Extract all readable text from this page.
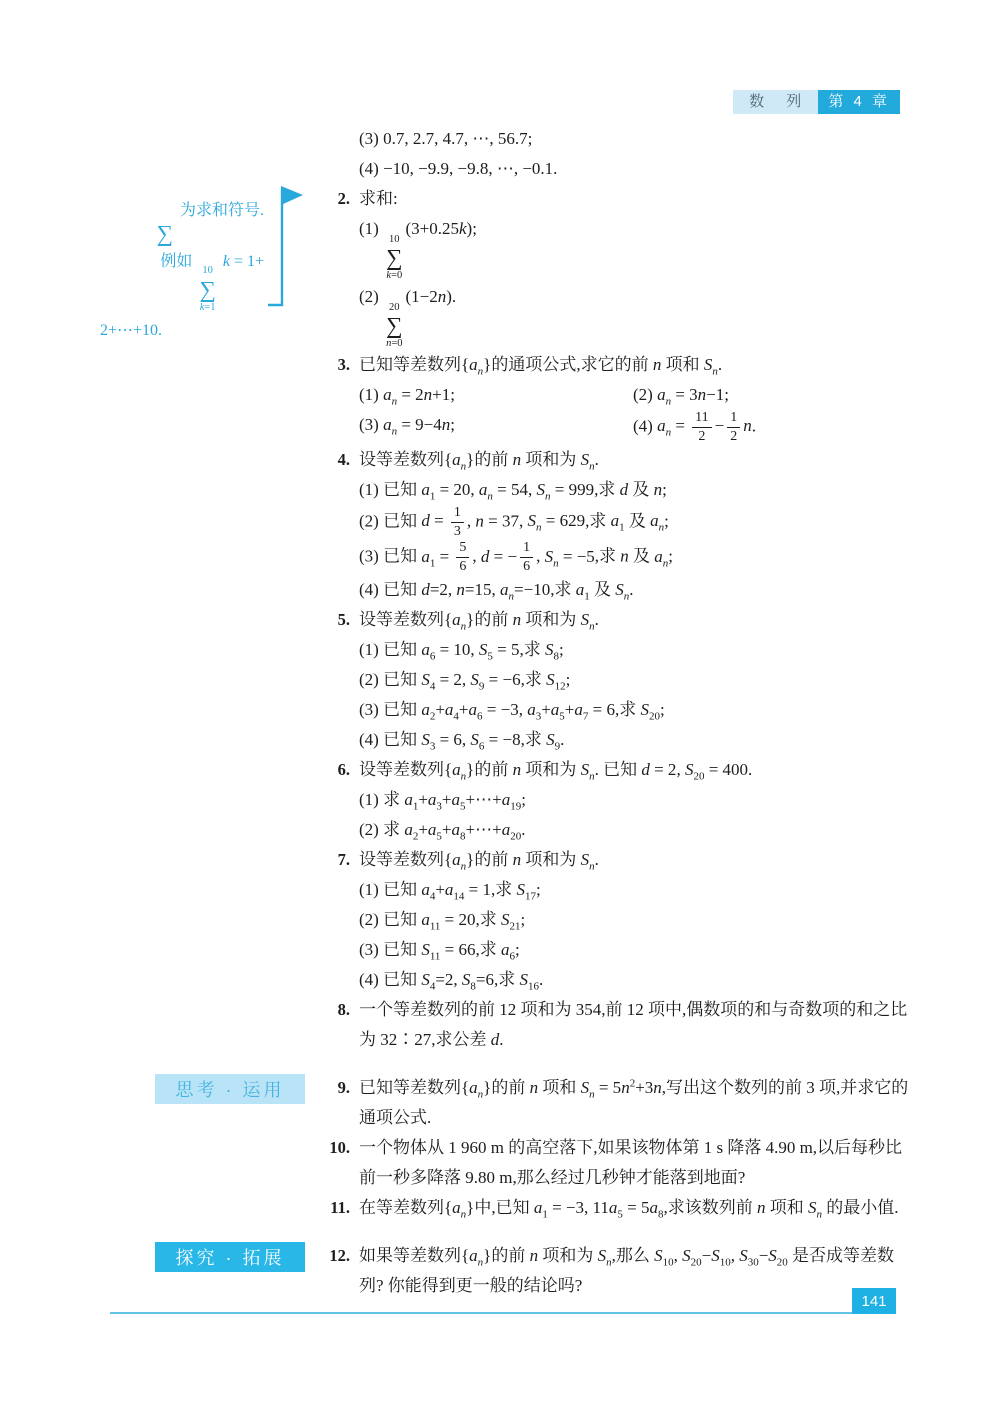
数 列	第 4 章
∑
为求和符号.
例如
10
∑
k=1
k = 1+
2+⋯+10.
(3) 0.7, 2.7, 4.7, ⋯, 56.7;
(4) −10, −9.9, −9.8, ⋯, −0.1.
2. 求和:
(1)
10
∑
k=0
(3+0.25k);
(2)
20
∑
n=0
(1−2n).
3. 已知等差数列$\{a_n\}$的通项公式,求它的前 n 项和 $S_n$.
(1) $a_n = 2n+1$;	(2) $a_n = 3n-1$;
(3) $a_n = 9-4n$;	(4) $a_n = \frac{11}{2} - \frac{1}{2} n$.
4. 设等差数列$\{a_n\}$的前 n 项和为 $S_n$.
(1) 已知 $a_1 = 20$, $a_n = 54$, $S_n = 999$,求 d 及 n;
(2) 已知 $d = \frac{1}{3}$ , n = 37, $S_n = 629$,求 $a_1$ 及 $a_n$;
(3) 已知 $a_1 = \frac{5}{6}$ , d = − $\frac{1}{6}$ , $S_n = -5$,求 n 及 $a_n$;
(4) 已知 d=2, n=15, $a_n=-10$,求 $a_1$ 及 $S_n$.
5. 设等差数列$\{a_n\}$的前 n 项和为 $S_n$.
(1) 已知 $a_6 = 10$, $S_5 = 5$,求 $S_8$;
(2) 已知 $S_4 = 2$, $S_9 = -6$,求 $S_{12}$;
(3) 已知 $a_2+a_4+a_6 = -3$, $a_3+a_5+a_7 = 6$,求 $S_{20}$;
(4) 已知 $S_3 = 6$, $S_6 = -8$,求 $S_9$.
6. 设等差数列$\{a_n\}$的前 n 项和为 $S_n$. 已知 d = 2, $S_{20} = 400$.
(1) 求 $a_1+a_3+a_5+\cdots+a_{19}$;
(2) 求 $a_2+a_5+a_8+\cdots+a_{20}$.
7. 设等差数列$\{a_n\}$的前 n 项和为 $S_n$.
(1) 已知 $a_4+a_{14} = 1$,求 $S_{17}$;
(2) 已知 $a_{11} = 20$,求 $S_{21}$;
(3) 已知 $S_{11} = 66$,求 $a_6$;
(4) 已知 $S_4=2$, $S_8=6$,求 $S_{16}$.
8. 一个等差数列的前 12 项和为 354,前 12 项中,偶数项的和与奇数项的和之比为 32∶27,求公差 d.
思考 · 运用	9. 已知等差数列$\{a_n\}$的前 n 项和 $S_n = 5n^2+3n$,写出这个数列的前 3 项,并求它的通项公式.
10. 一个物体从 1 960 m 的高空落下,如果该物体第 1 s 降落 4.90 m,以后每秒比前一秒多降落 9.80 m,那么经过几秒钟才能落到地面?
11. 在等差数列$\{a_n\}$中,已知 $a_1 = -3$, $11a_5 = 5a_8$,求该数列前 n 项和 $S_n$ 的最小值.
探究 · 拓展	12. 如果等差数列$\{a_n\}$的前 n 项和为 $S_n$,那么 $S_{10}$, $S_{20}-S_{10}$, $S_{30}-S_{20}$ 是否成等差数列? 你能得到更一般的结论吗?
141
